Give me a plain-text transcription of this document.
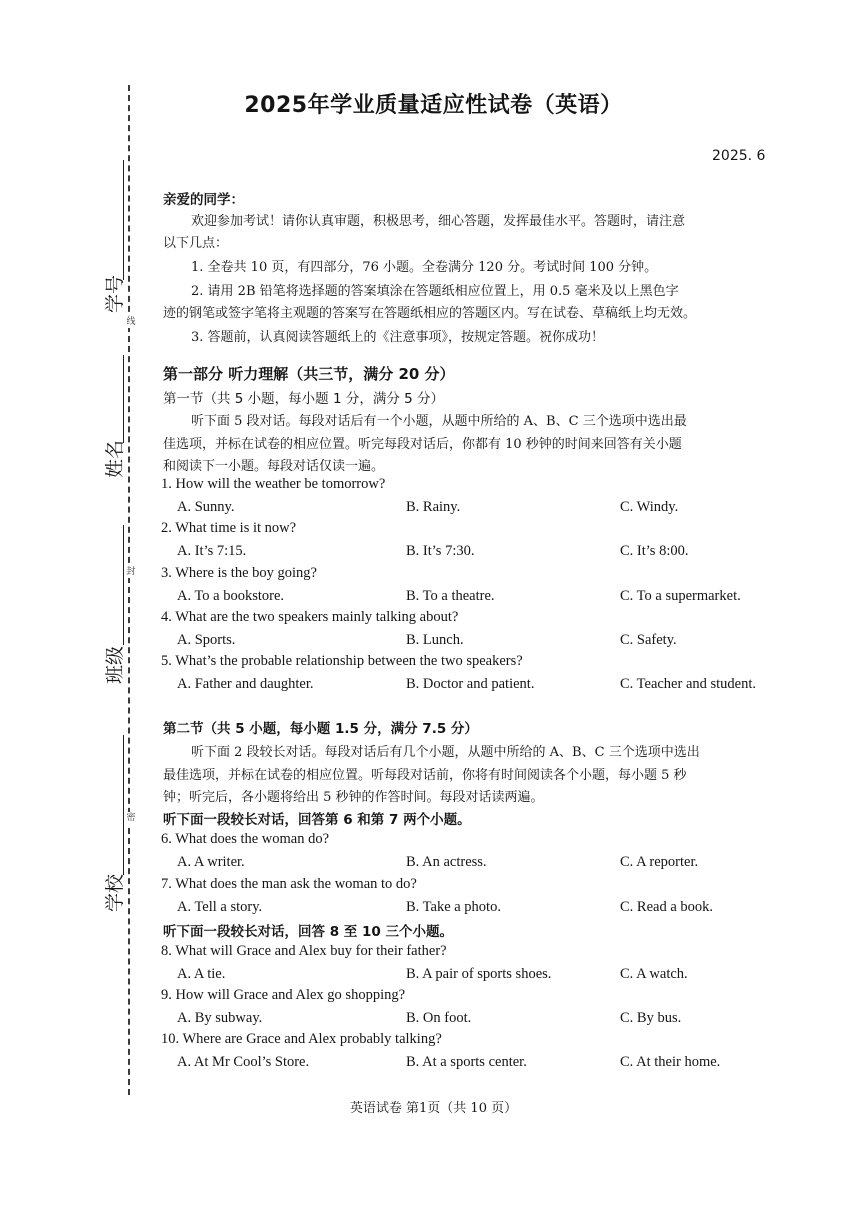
线
封
密
学号
姓名
班级
学校
2025年学业质量适应性试卷（英语）
2025. 6
亲爱的同学：
欢迎参加考试！请你认真审题，积极思考，细心答题，发挥最佳水平。答题时，请注意
以下几点：
1. 全卷共 10 页，有四部分，76 小题。全卷满分 120 分。考试时间 100 分钟。
2. 请用 2B 铅笔将选择题的答案填涂在答题纸相应位置上，用 0.5 毫米及以上黑色字
迹的钢笔或签字笔将主观题的答案写在答题纸相应的答题区内。写在试卷、草稿纸上均无效。
3. 答题前，认真阅读答题纸上的《注意事项》，按规定答题。祝你成功！
第一部分 听力理解（共三节，满分 20 分）
第一节（共 5 小题，每小题 1 分，满分 5 分）
听下面 5 段对话。每段对话后有一个小题，从题中所给的 A、B、C 三个选项中选出最
佳选项，并标在试卷的相应位置。听完每段对话后，你都有 10 秒钟的时间来回答有关小题
和阅读下一小题。每段对话仅读一遍。
1. How will the weather be tomorrow?
A. Sunny.	B. Rainy.	C. Windy.
2. What time is it now?
A. It’s 7:15.	B. It’s 7:30.	C. It’s 8:00.
3. Where is the boy going?
A. To a bookstore.	B. To a theatre.	C. To a supermarket.
4. What are the two speakers mainly talking about?
A. Sports.	B. Lunch.	C. Safety.
5. What’s the probable relationship between the two speakers?
A. Father and daughter.	B. Doctor and patient.	C. Teacher and student.
第二节（共 5 小题，每小题 1.5 分，满分 7.5 分）
听下面 2 段较长对话。每段对话后有几个小题，从题中所给的 A、B、C 三个选项中选出
最佳选项，并标在试卷的相应位置。听每段对话前，你将有时间阅读各个小题，每小题 5 秒
钟；听完后，各小题将给出 5 秒钟的作答时间。每段对话读两遍。
听下面一段较长对话，回答第 6 和第 7 两个小题。
6. What does the woman do?
A. A writer.	B. An actress.	C. A reporter.
7. What does the man ask the woman to do?
A. Tell a story.	B. Take a photo.	C. Read a book.
听下面一段较长对话，回答 8 至 10 三个小题。
8. What will Grace and Alex buy for their father?
A. A tie.	B. A pair of sports shoes.	C. A watch.
9. How will Grace and Alex go shopping?
A. By subway.	B. On foot.	C. By bus.
10. Where are Grace and Alex probably talking?
A. At Mr Cool’s Store.	B. At a sports center.	C. At their home.
英语试卷 第1页（共 10 页）
